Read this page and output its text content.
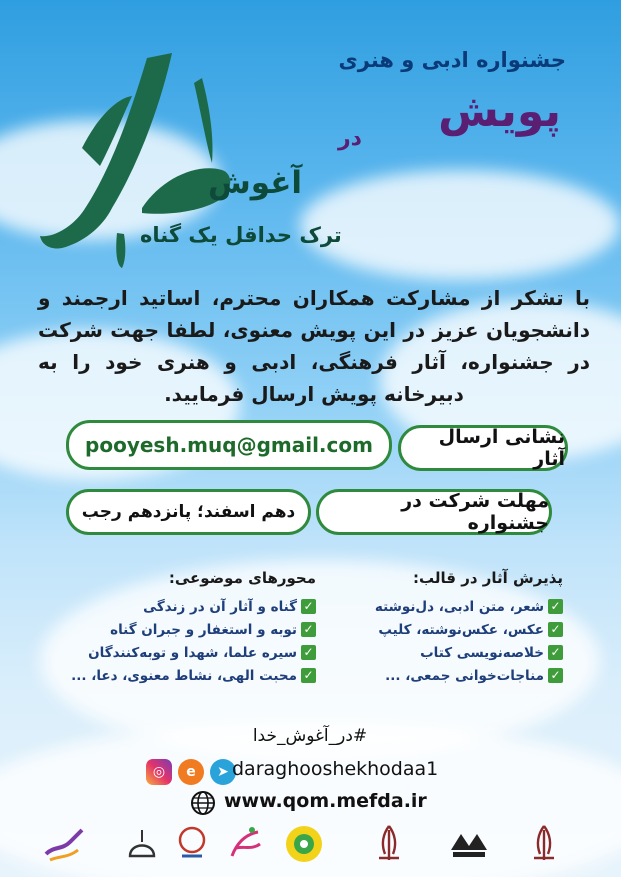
جشنواره ادبی و هنری
پویش
در
آغوش
ترک حداقل یک گناه
با تشکر از مشارکت همکاران محترم، اساتید ارجمند و دانشجویان عزیز در این پویش معنوی، لطفا جهت شرکت در جشنواره، آثار فرهنگی، ادبی و هنری خود را به دبیرخانه پویش ارسال فرمایید.
نشانی ارسال آثار
pooyesh.muq@gmail.com
مهلت شرکت در جشنواره
دهم اسفند؛ پانزدهم رجب
پذیرش آثار در قالب:
✓
شعر، متن ادبی، دل‌نوشته
✓
عکس، عکس‌نوشته، کلیپ
✓
خلاصه‌نویسی کتاب
✓
مناجات‌خوانی جمعی، ...
محورهای موضوعی:
✓
گناه و آثار آن در زندگی
✓
توبه و استغفار و جبران گناه
✓
سیره علما، شهدا و توبه‌کنندگان
✓
محبت الهی، نشاط معنوی، دعا، ...
#در_آغوش_خدا
◎	e	➤ daraghooshekhodaa1
www.qom.mefda.ir
